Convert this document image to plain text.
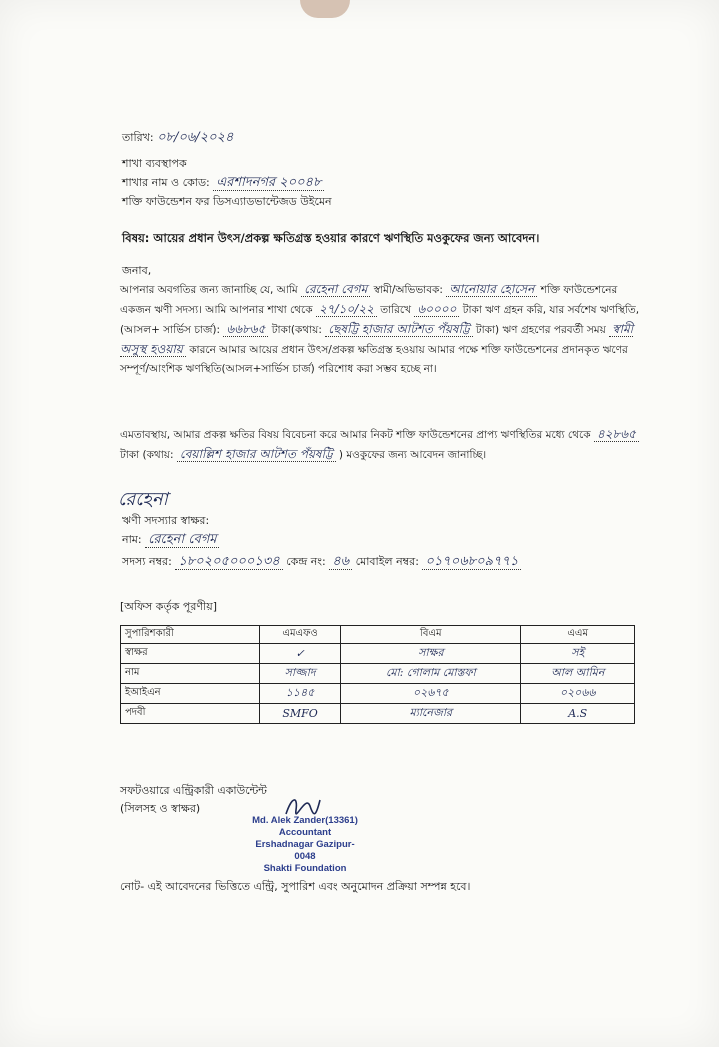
তারিখ: ০৮/০৬/২০২৪
শাখা ব্যবস্থাপক
শাখার নাম ও কোড: এরশাদনগর ২০০৪৮
শক্তি ফাউন্ডেশন ফর ডিসএ্যাডভান্টেজড উইমেন
বিষয়: আয়ের প্রধান উৎস/প্রকল্প ক্ষতিগ্রস্ত হওয়ার কারণে ঋণস্থিতি মওকুফের জন্য আবেদন।
জনাব,
আপনার অবগতির জন্য জানাচ্ছি যে, আমি রেহেনা বেগম স্বামী/অভিভাবক: আনোয়ার হোসেন শক্তি ফাউন্ডেশনের একজন ঋণী সদস্য। আমি আপনার শাখা থেকে ২৭/১০/২২ তারিখে ৬০০০০ টাকা ঋণ গ্রহন করি, যার সর্বশেষ ঋণস্থিতি, (আসল+ সার্ভিস চার্জ): ৬৬৮৬৫ টাকা(কথায়: ছেষট্টি হাজার আটশত পঁয়ষট্টি টাকা) ঋণ গ্রহণের পরবর্তী সময় স্বামী অসুস্থ হওয়ায় কারনে আমার আয়ের প্রধান উৎস/প্রকল্প ক্ষতিগ্রস্ত হওয়ায় আমার পক্ষে শক্তি ফাউন্ডেশনের প্রদানকৃত ঋণের সম্পূর্ণ/আংশিক ঋণস্থিতি(আসল+সার্ভিস চার্জ) পরিশোধ করা সম্ভব হচ্ছে না।
এমতাবস্থায়, আমার প্রকল্প ক্ষতির বিষয় বিবেচনা করে আমার নিকট শক্তি ফাউন্ডেশনের প্রাপ্য ঋণস্থিতির মধ্যে থেকে ৪২৮৬৫ টাকা (কথায়: বেয়াল্লিশ হাজার আটশত পঁয়ষট্টি ) মওকুফের জন্য আবেদন জানাচ্ছি।
রেহেনা
ঋণী সদস্যার স্বাক্ষর:
নাম: রেহেনা বেগম
সদস্য নম্বর: ১৮০২০৫০০০১৩৪ কেন্দ্র নং: ৪৬ মোবাইল নম্বর: ০১৭০৬৮০৯৭৭১
[অফিস কর্তৃক পূরণীয়]
সুপারিশকারী	এমএফও	বিএম	এএম
স্বাক্ষর	✓	সাক্ষর	সই
নাম	সাজ্জাদ	মো: গোলাম মোস্তফা	আল আমিন
ইআইএন	১১৪৫	০২৬৭৫	০২০৬৬
পদবী	SMFO	ম্যানেজার	A.S
সফটওয়ারে এন্ট্রিকারী একাউন্টেন্ট
(সিলসহ ও স্বাক্ষর)
Md. Alek Zander(13361)
Accountant
Ershadnagar Gazipur-0048
Shakti Foundation
নোট- এই আবেদনের ভিত্তিতে এন্ট্রি, সুপারিশ এবং অনুমোদন প্রক্রিয়া সম্পন্ন হবে।
